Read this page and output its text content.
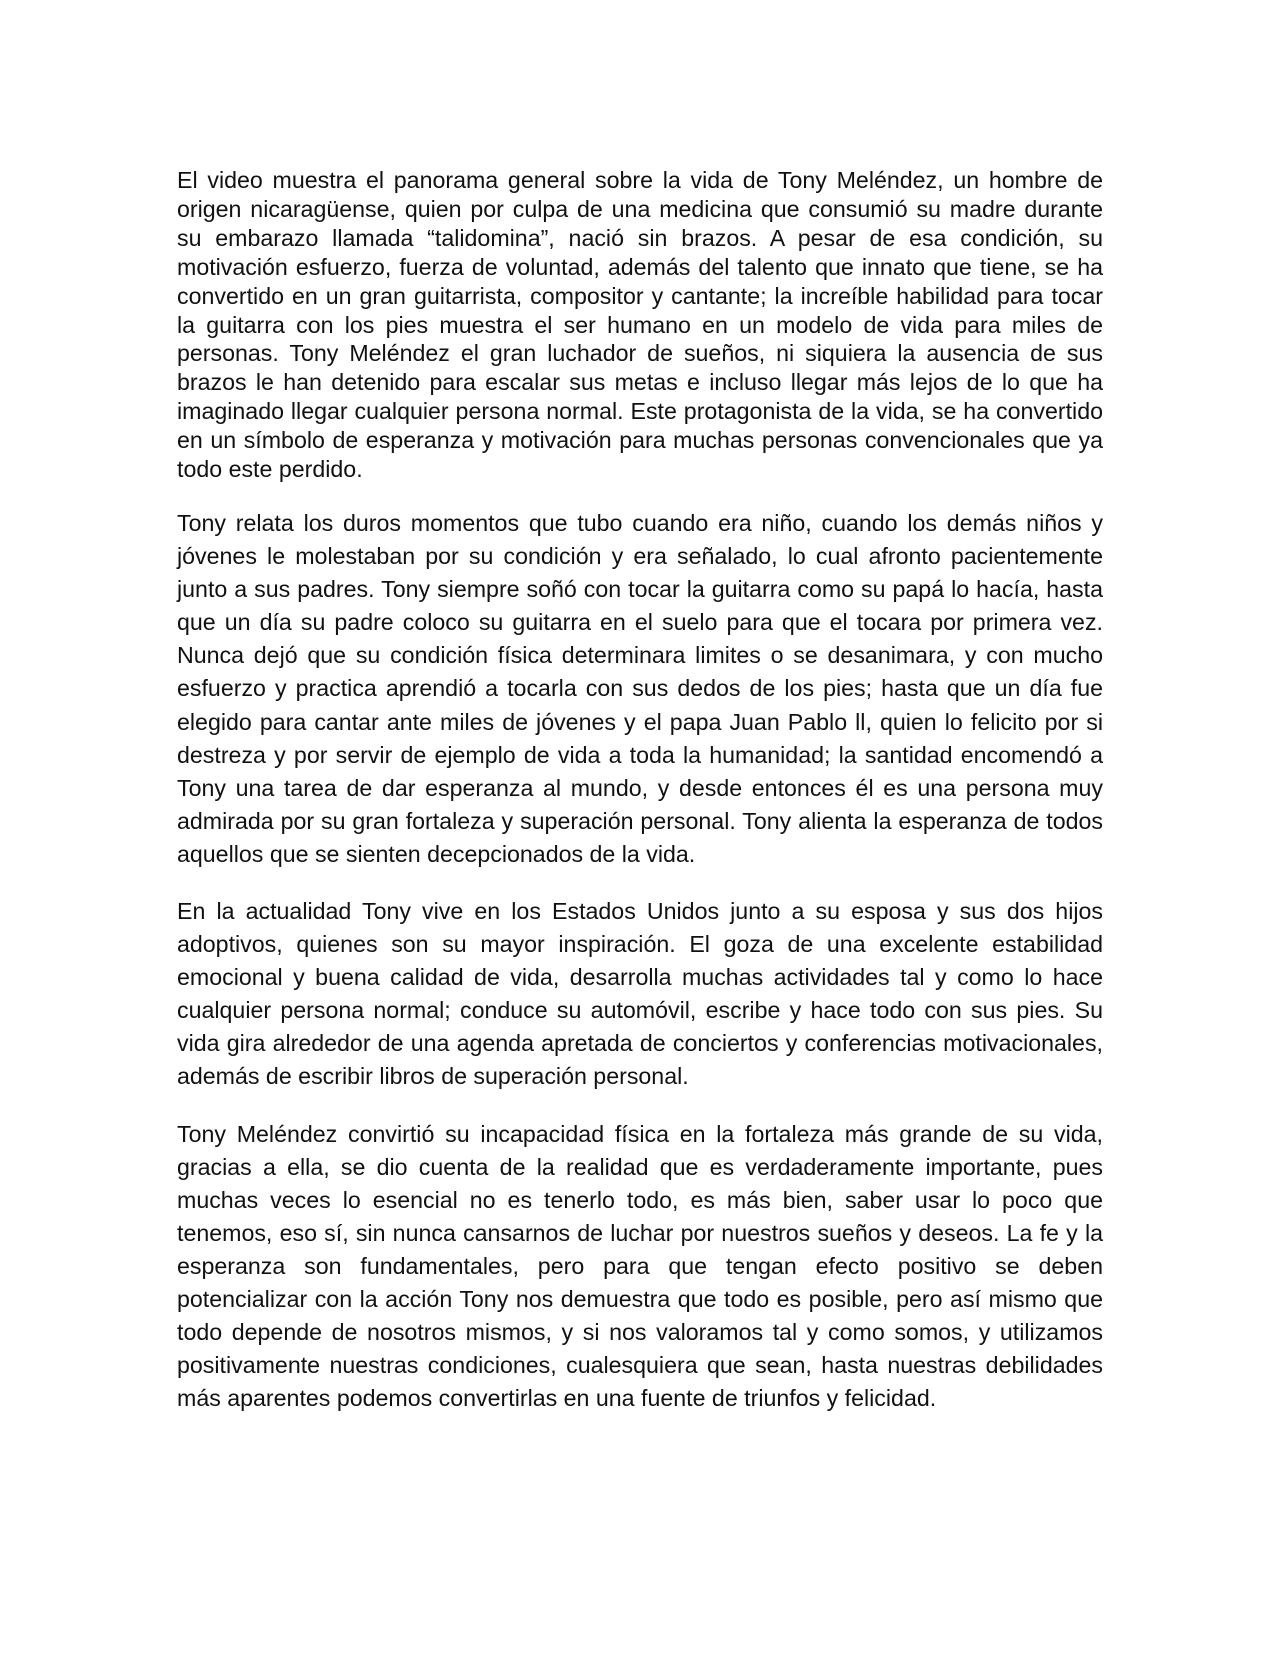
El video muestra el panorama general sobre la vida de Tony Meléndez, un hombre de origen nicaragüense, quien por culpa de una medicina que consumió su madre durante su embarazo llamada “talidomina”, nació sin brazos. A pesar de esa condición, su motivación esfuerzo, fuerza de voluntad, además del talento que innato que tiene, se ha convertido en un gran guitarrista, compositor y cantante; la increíble habilidad para tocar la guitarra con los pies muestra el ser humano en un modelo de vida para miles de personas. Tony Meléndez el gran luchador de sueños, ni siquiera la ausencia de sus brazos le han detenido para escalar sus metas e incluso llegar más lejos de lo que ha imaginado llegar cualquier persona normal. Este protagonista de la vida, se ha convertido en un símbolo de esperanza y motivación para muchas personas convencionales que ya todo este perdido.

Tony relata los duros momentos que tubo cuando era niño, cuando los demás niños y jóvenes le molestaban por su condición y era señalado, lo cual afronto pacientemente junto a sus padres. Tony siempre soñó con tocar la guitarra como su papá lo hacía, hasta que un día su padre coloco su guitarra en el suelo para que el tocara por primera vez. Nunca dejó que su condición física determinara limites o se desanimara, y con mucho esfuerzo y practica aprendió a tocarla con sus dedos de los pies; hasta que un día fue elegido para cantar ante miles de jóvenes y el papa Juan Pablo ll, quien lo felicito por si destreza y por servir de ejemplo de vida a toda la humanidad; la santidad encomendó a Tony una tarea de dar esperanza al mundo, y desde entonces él es una persona muy admirada por su gran fortaleza y superación personal. Tony alienta la esperanza de todos aquellos que se sienten decepcionados de la vida.

En la actualidad Tony vive en los Estados Unidos junto a su esposa y sus dos hijos adoptivos, quienes son su mayor inspiración. El goza de una excelente estabilidad emocional y buena calidad de vida, desarrolla muchas actividades tal y como lo hace cualquier persona normal; conduce su automóvil, escribe y hace todo con sus pies. Su vida gira alrededor de una agenda apretada de conciertos y conferencias motivacionales, además de escribir libros de superación personal.

Tony Meléndez convirtió su incapacidad física en la fortaleza más grande de su vida, gracias a ella, se dio cuenta de la realidad que es verdaderamente importante, pues muchas veces lo esencial no es tenerlo todo, es más bien, saber usar lo poco que tenemos, eso sí, sin nunca cansarnos de luchar por nuestros sueños y deseos. La fe y la esperanza son fundamentales, pero para que tengan efecto positivo se deben potencializar con la acción Tony nos demuestra que todo es posible, pero así mismo que todo depende de nosotros mismos, y si nos valoramos tal y como somos, y utilizamos positivamente nuestras condiciones, cualesquiera que sean, hasta nuestras debilidades más aparentes podemos convertirlas en una fuente de triunfos y felicidad.
